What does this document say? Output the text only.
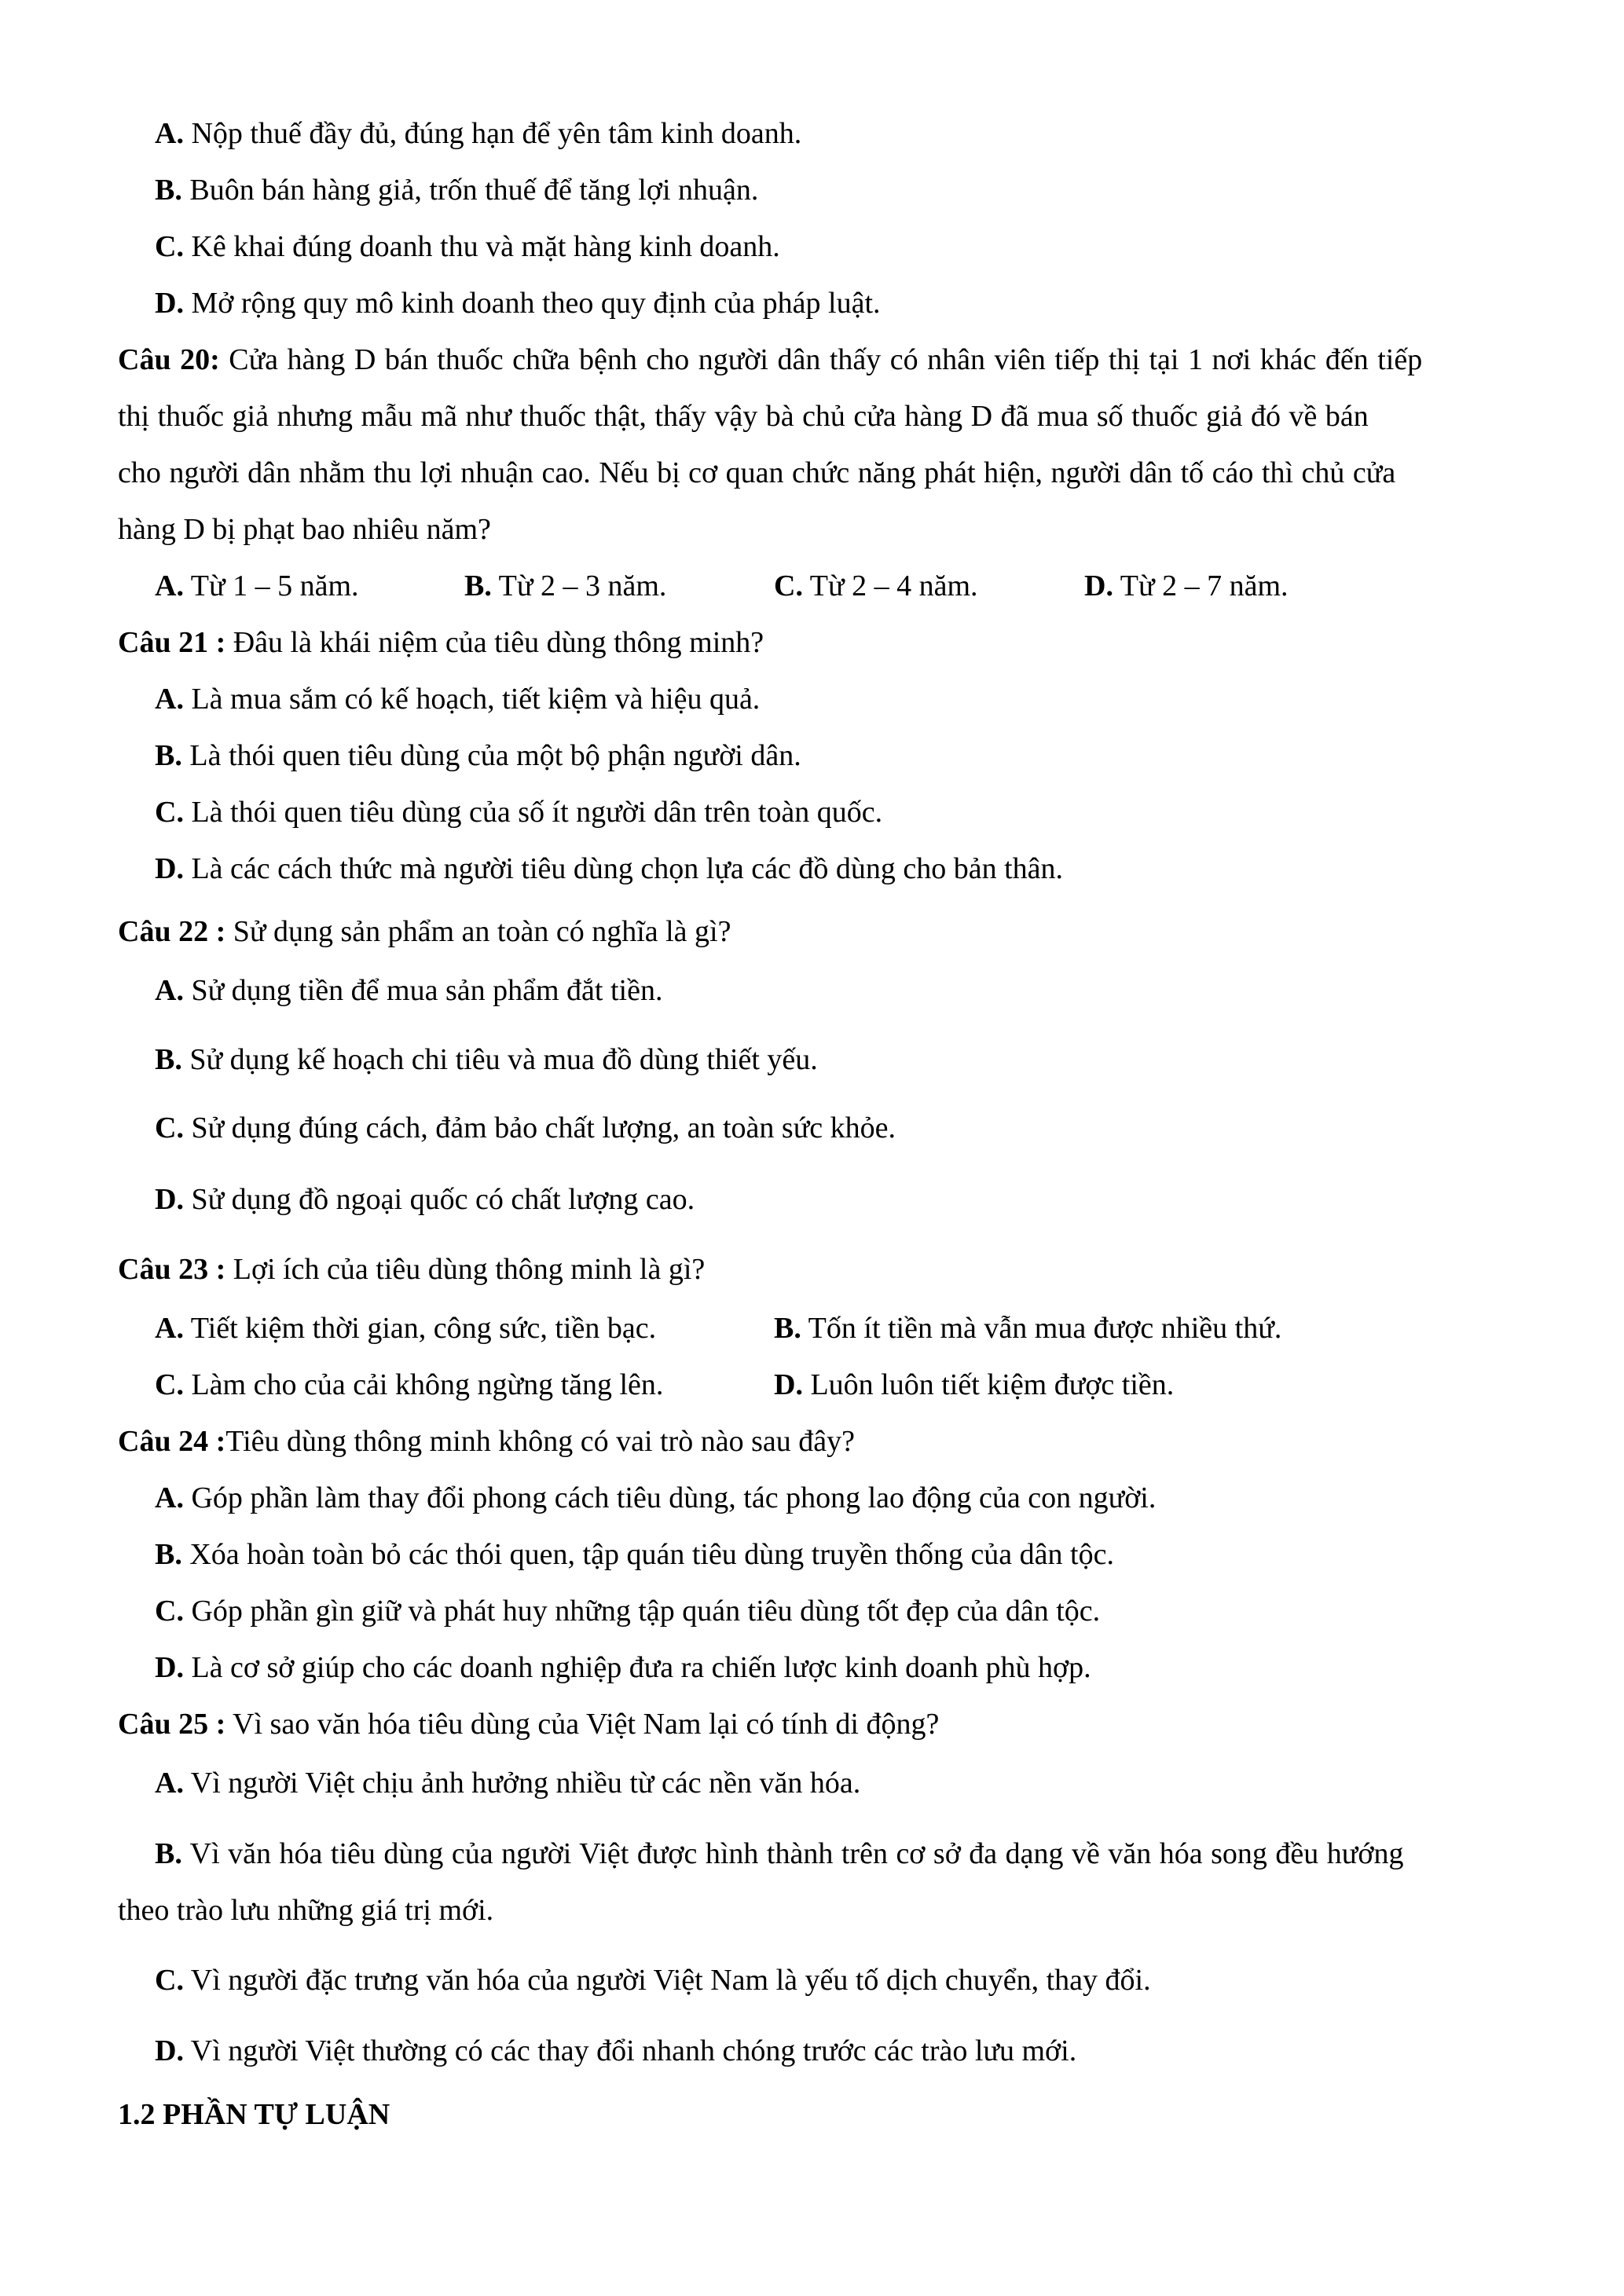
A. Nộp thuế đầy đủ, đúng hạn để yên tâm kinh doanh.
B. Buôn bán hàng giả, trốn thuế để tăng lợi nhuận.
C. Kê khai đúng doanh thu và mặt hàng kinh doanh.
D. Mở rộng quy mô kinh doanh theo quy định của pháp luật.
Câu 20: Cửa hàng D bán thuốc chữa bệnh cho người dân thấy có nhân viên tiếp thị tại 1 nơi khác đến tiếp
thị thuốc giả nhưng mẫu mã như thuốc thật, thấy vậy bà chủ cửa hàng D đã mua số thuốc giả đó về bán
cho người dân nhằm thu lợi nhuận cao. Nếu bị cơ quan chức năng phát hiện, người dân tố cáo thì chủ cửa
hàng D bị phạt bao nhiêu năm?
A. Từ 1 – 5 năm.	B. Từ 2 – 3 năm.	C. Từ 2 – 4 năm.	D. Từ 2 – 7 năm.
Câu 21 : Đâu là khái niệm của tiêu dùng thông minh?
A. Là mua sắm có kế hoạch, tiết kiệm và hiệu quả.
B. Là thói quen tiêu dùng của một bộ phận người dân.
C. Là thói quen tiêu dùng của số ít người dân trên toàn quốc.
D. Là các cách thức mà người tiêu dùng chọn lựa các đồ dùng cho bản thân.
Câu 22 : Sử dụng sản phẩm an toàn có nghĩa là gì?
A. Sử dụng tiền để mua sản phẩm đắt tiền.
B. Sử dụng kế hoạch chi tiêu và mua đồ dùng thiết yếu.
C. Sử dụng đúng cách, đảm bảo chất lượng, an toàn sức khỏe.
D. Sử dụng đồ ngoại quốc có chất lượng cao.
Câu 23 : Lợi ích của tiêu dùng thông minh là gì?
A. Tiết kiệm thời gian, công sức, tiền bạc.	B. Tốn ít tiền mà vẫn mua được nhiều thứ.
C. Làm cho của cải không ngừng tăng lên.	D. Luôn luôn tiết kiệm được tiền.
Câu 24 :Tiêu dùng thông minh không có vai trò nào sau đây?
A. Góp phần làm thay đổi phong cách tiêu dùng, tác phong lao động của con người.
B. Xóa hoàn toàn bỏ các thói quen, tập quán tiêu dùng truyền thống của dân tộc.
C. Góp phần gìn giữ và phát huy những tập quán tiêu dùng tốt đẹp của dân tộc.
D. Là cơ sở giúp cho các doanh nghiệp đưa ra chiến lược kinh doanh phù hợp.
Câu 25 : Vì sao văn hóa tiêu dùng của Việt Nam lại có tính di động?
A. Vì người Việt chịu ảnh hưởng nhiều từ các nền văn hóa.
B. Vì văn hóa tiêu dùng của người Việt được hình thành trên cơ sở đa dạng về văn hóa song đều hướng
theo trào lưu những giá trị mới.
C. Vì người đặc trưng văn hóa của người Việt Nam là yếu tố dịch chuyển, thay đổi.
D. Vì người Việt thường có các thay đổi nhanh chóng trước các trào lưu mới.
1.2 PHẦN TỰ LUẬN
